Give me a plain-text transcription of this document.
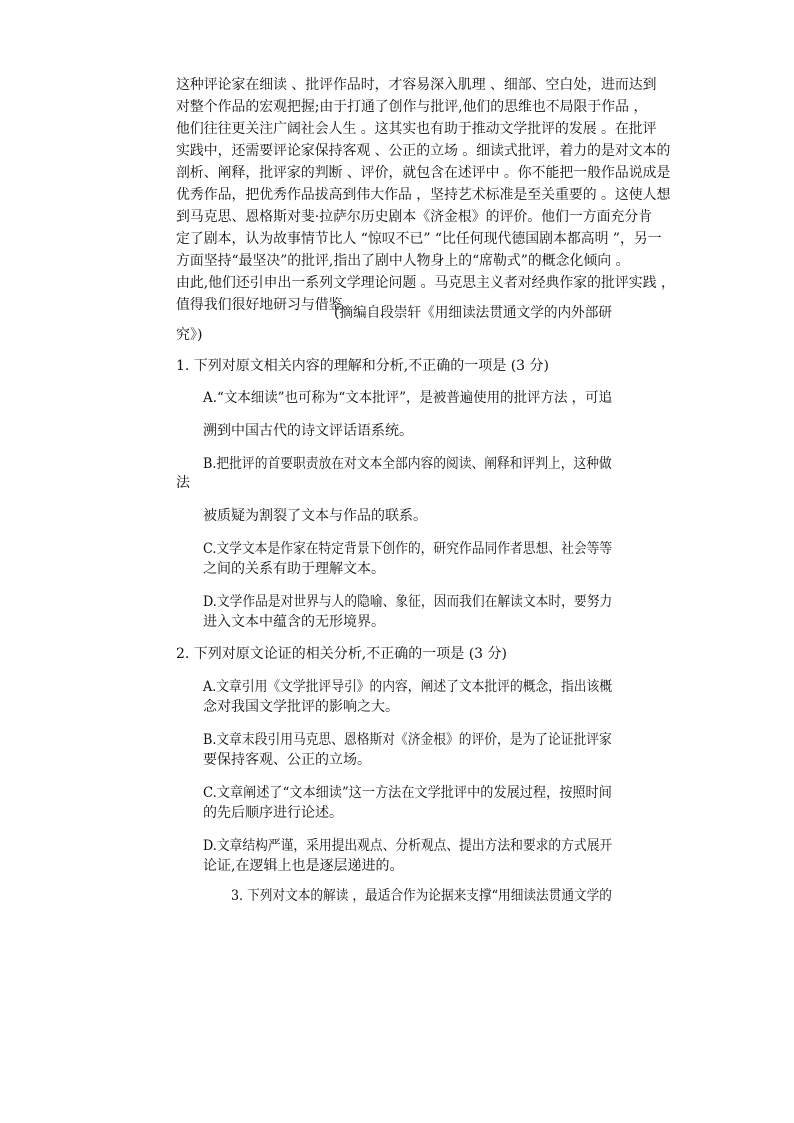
这种评论家在细读 、批评作品时，才容易深入肌理 、细部、空白处，进而达到
对整个作品的宏观把握;由于打通了创作与批评,他们的思维也不局限于作品 ，
他们往往更关注广阔社会人生 。这其实也有助于推动文学批评的发展 。在批评
实践中，还需要评论家保持客观 、公正的立场 。细读式批评，着力的是对文本的
剖析、阐释，批评家的判断 、评价，就包含在述评中 。你不能把一般作品说成是
优秀作品，把优秀作品拔高到伟大作品 ，坚持艺术标准是至关重要的 。这使人想
到马克思、恩格斯对斐·拉萨尔历史剧本《济金根》的评价。他们一方面充分肯
定了剧本，认为故事情节比人 “惊叹不已” “比任何现代德国剧本都高明 ”，另一
方面坚持“最坚决”的批评,指出了剧中人物身上的“席勒式”的概念化倾向 。
由此,他们还引申出一系列文学理论问题 。马克思主义者对经典作家的批评实践 ，
值得我们很好地研习与借鉴。
(摘编自段崇轩《用细读法贯通文学的内外部研
究》)
1. 下列对原文相关内容的理解和分析,不正确的一项是 (3 分)
A.“文本细读”也可称为“文本批评”，是被普遍使用的批评方法 ，可追
溯到中国古代的诗文评话语系统。
B.把批评的首要职责放在对文本全部内容的阅读、阐释和评判上，这种做
法
被质疑为割裂了文本与作品的联系。
C.文学文本是作家在特定背景下创作的，研究作品同作者思想、社会等等
之间的关系有助于理解文本。
D.文学作品是对世界与人的隐喻、象征，因而我们在解读文本时，要努力
进入文本中蕴含的无形境界。
2. 下列对原文论证的相关分析,不正确的一项是 (3 分)
A.文章引用《文学批评导引》的内容，阐述了文本批评的概念，指出该概
念对我国文学批评的影响之大。
B.文章末段引用马克思、恩格斯对《济金根》的评价，是为了论证批评家
要保持客观、公正的立场。
C.文章阐述了“文本细读”这一方法在文学批评中的发展过程，按照时间
的先后顺序进行论述。
D.文章结构严谨，采用提出观点、分析观点、提出方法和要求的方式展开
论证,在逻辑上也是逐层递进的。
3. 下列对文本的解读 ，最适合作为论据来支撑“用细读法贯通文学的
